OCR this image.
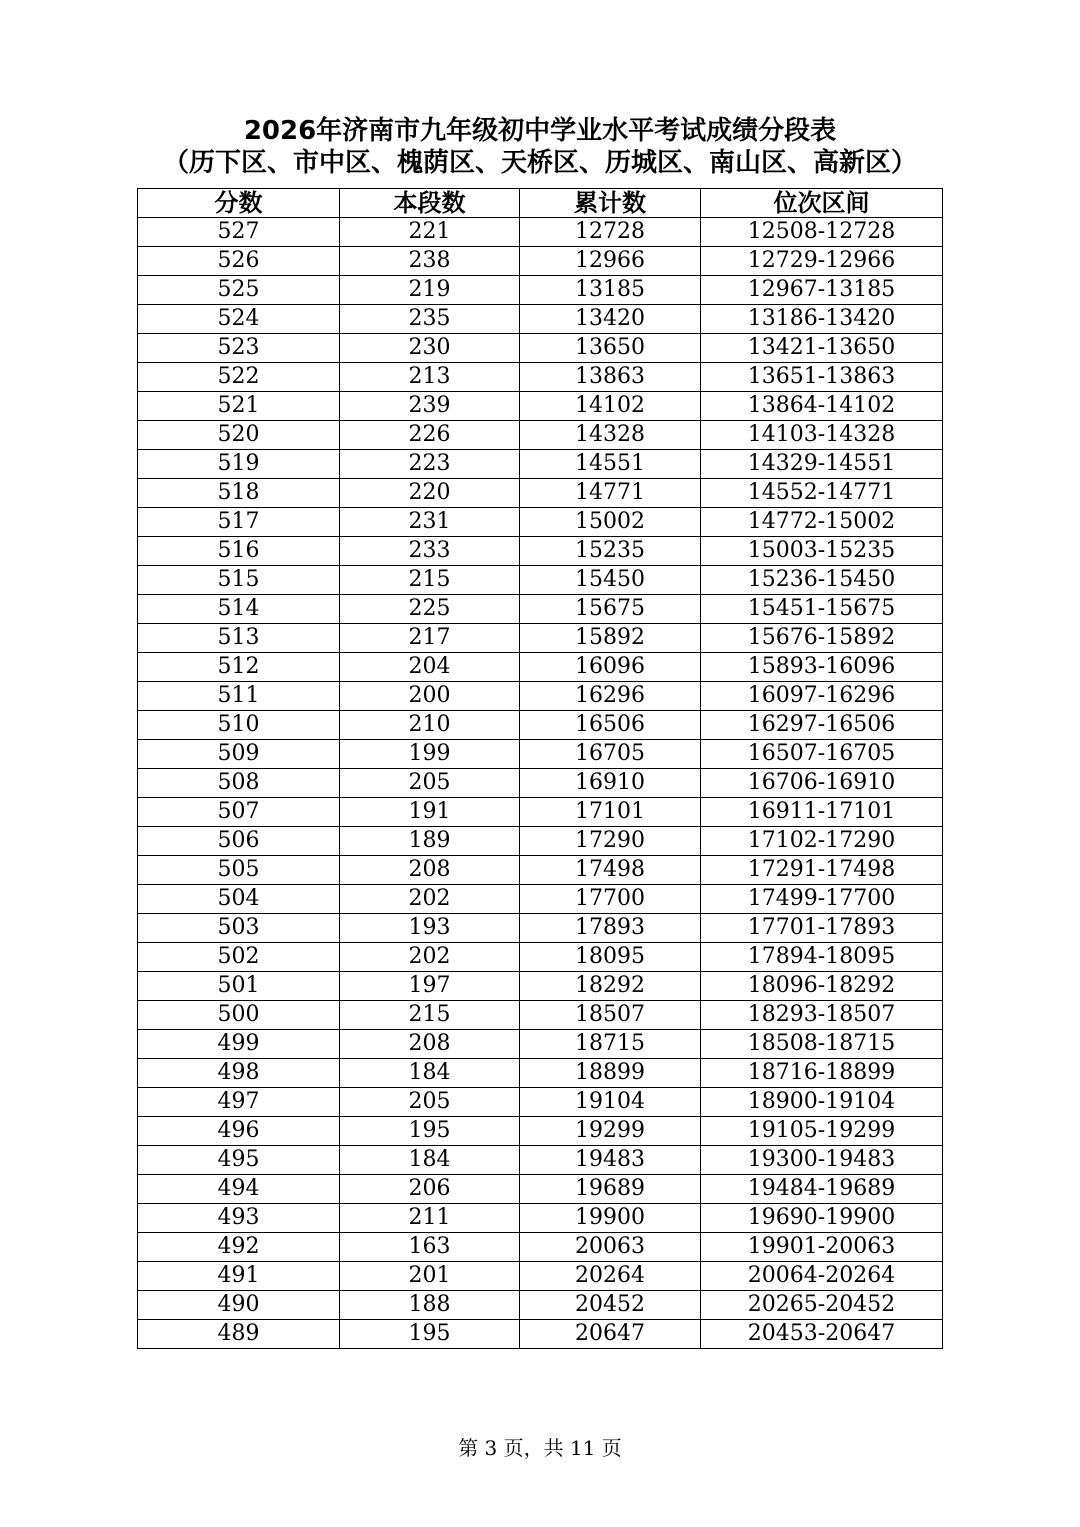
2026年济南市九年级初中学业水平考试成绩分段表
（历下区、市中区、槐荫区、天桥区、历城区、南山区、高新区）
分数	本段数	累计数	位次区间
527	221	12728	12508-12728
526	238	12966	12729-12966
525	219	13185	12967-13185
524	235	13420	13186-13420
523	230	13650	13421-13650
522	213	13863	13651-13863
521	239	14102	13864-14102
520	226	14328	14103-14328
519	223	14551	14329-14551
518	220	14771	14552-14771
517	231	15002	14772-15002
516	233	15235	15003-15235
515	215	15450	15236-15450
514	225	15675	15451-15675
513	217	15892	15676-15892
512	204	16096	15893-16096
511	200	16296	16097-16296
510	210	16506	16297-16506
509	199	16705	16507-16705
508	205	16910	16706-16910
507	191	17101	16911-17101
506	189	17290	17102-17290
505	208	17498	17291-17498
504	202	17700	17499-17700
503	193	17893	17701-17893
502	202	18095	17894-18095
501	197	18292	18096-18292
500	215	18507	18293-18507
499	208	18715	18508-18715
498	184	18899	18716-18899
497	205	19104	18900-19104
496	195	19299	19105-19299
495	184	19483	19300-19483
494	206	19689	19484-19689
493	211	19900	19690-19900
492	163	20063	19901-20063
491	201	20264	20064-20264
490	188	20452	20265-20452
489	195	20647	20453-20647
第 3 页，共 11 页
